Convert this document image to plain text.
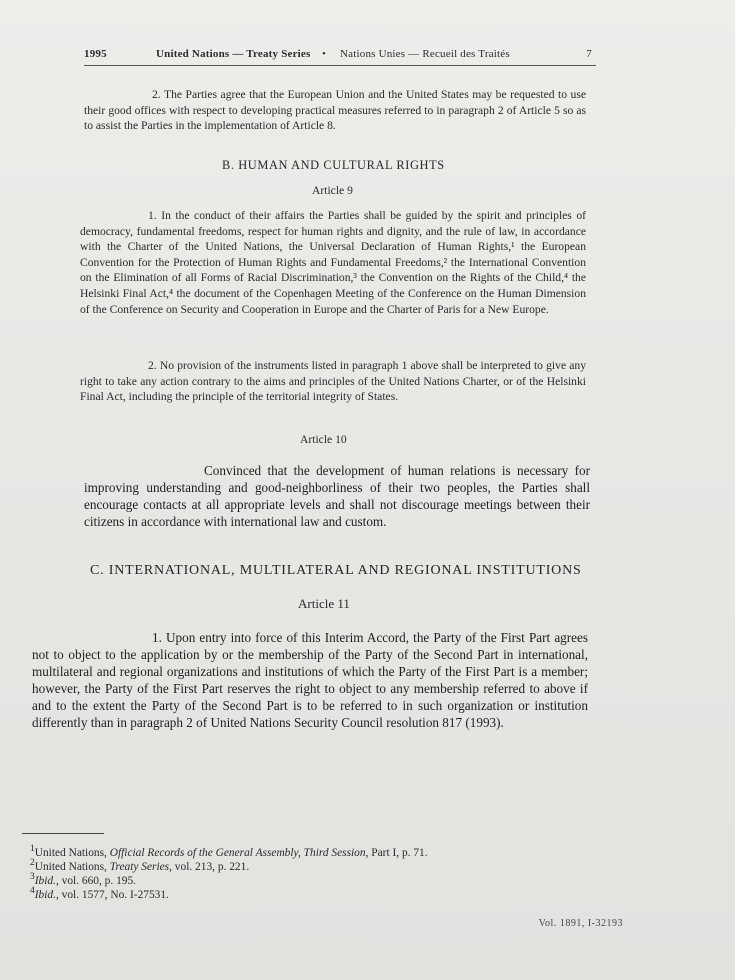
1995	United Nations — Treaty Series • Nations Unies — Recueil des Traités	7

2. The Parties agree that the European Union and the United States may be requested to use their good offices with respect to developing practical measures referred to in paragraph 2 of Article 5 so as to assist the Parties in the implementation of Article 8.

B. HUMAN AND CULTURAL RIGHTS
Article 9

1. In the conduct of their affairs the Parties shall be guided by the spirit and principles of democracy, fundamental freedoms, respect for human rights and dignity, and the rule of law, in accordance with the Charter of the United Nations, the Universal Declaration of Human Rights,¹ the European Convention for the Protection of Human Rights and Fundamental Freedoms,² the International Convention on the Elimination of all Forms of Racial Discrimination,³ the Convention on the Rights of the Child,⁴ the Helsinki Final Act,⁴ the document of the Copenhagen Meeting of the Conference on the Human Dimension of the Conference on Security and Cooperation in Europe and the Charter of Paris for a New Europe.

2. No provision of the instruments listed in paragraph 1 above shall be interpreted to give any right to take any action contrary to the aims and principles of the United Nations Charter, or of the Helsinki Final Act, including the principle of the territorial integrity of States.

Article 10

Convinced that the development of human relations is necessary for improving understanding and good-neighborliness of their two peoples, the Parties shall encourage contacts at all appropriate levels and shall not discourage meetings between their citizens in accordance with international law and custom.

C. INTERNATIONAL, MULTILATERAL AND REGIONAL INSTITUTIONS
Article 11

1. Upon entry into force of this Interim Accord, the Party of the First Part agrees not to object to the application by or the membership of the Party of the Second Part in international, multilateral and regional organizations and institutions of which the Party of the First Part is a member; however, the Party of the First Part reserves the right to object to any membership referred to above if and to the extent the Party of the Second Part is to be referred to in such organization or institution differently than in paragraph 2 of United Nations Security Council resolution 817 (1993).

$^1$United Nations, Official Records of the General Assembly, Third Session, Part I, p. 71.
$^2$United Nations, Treaty Series, vol. 213, p. 221.
$^3$Ibid., vol. 660, p. 195.
$^4$Ibid., vol. 1577, No. I-27531.
Vol. 1891, I-32193
